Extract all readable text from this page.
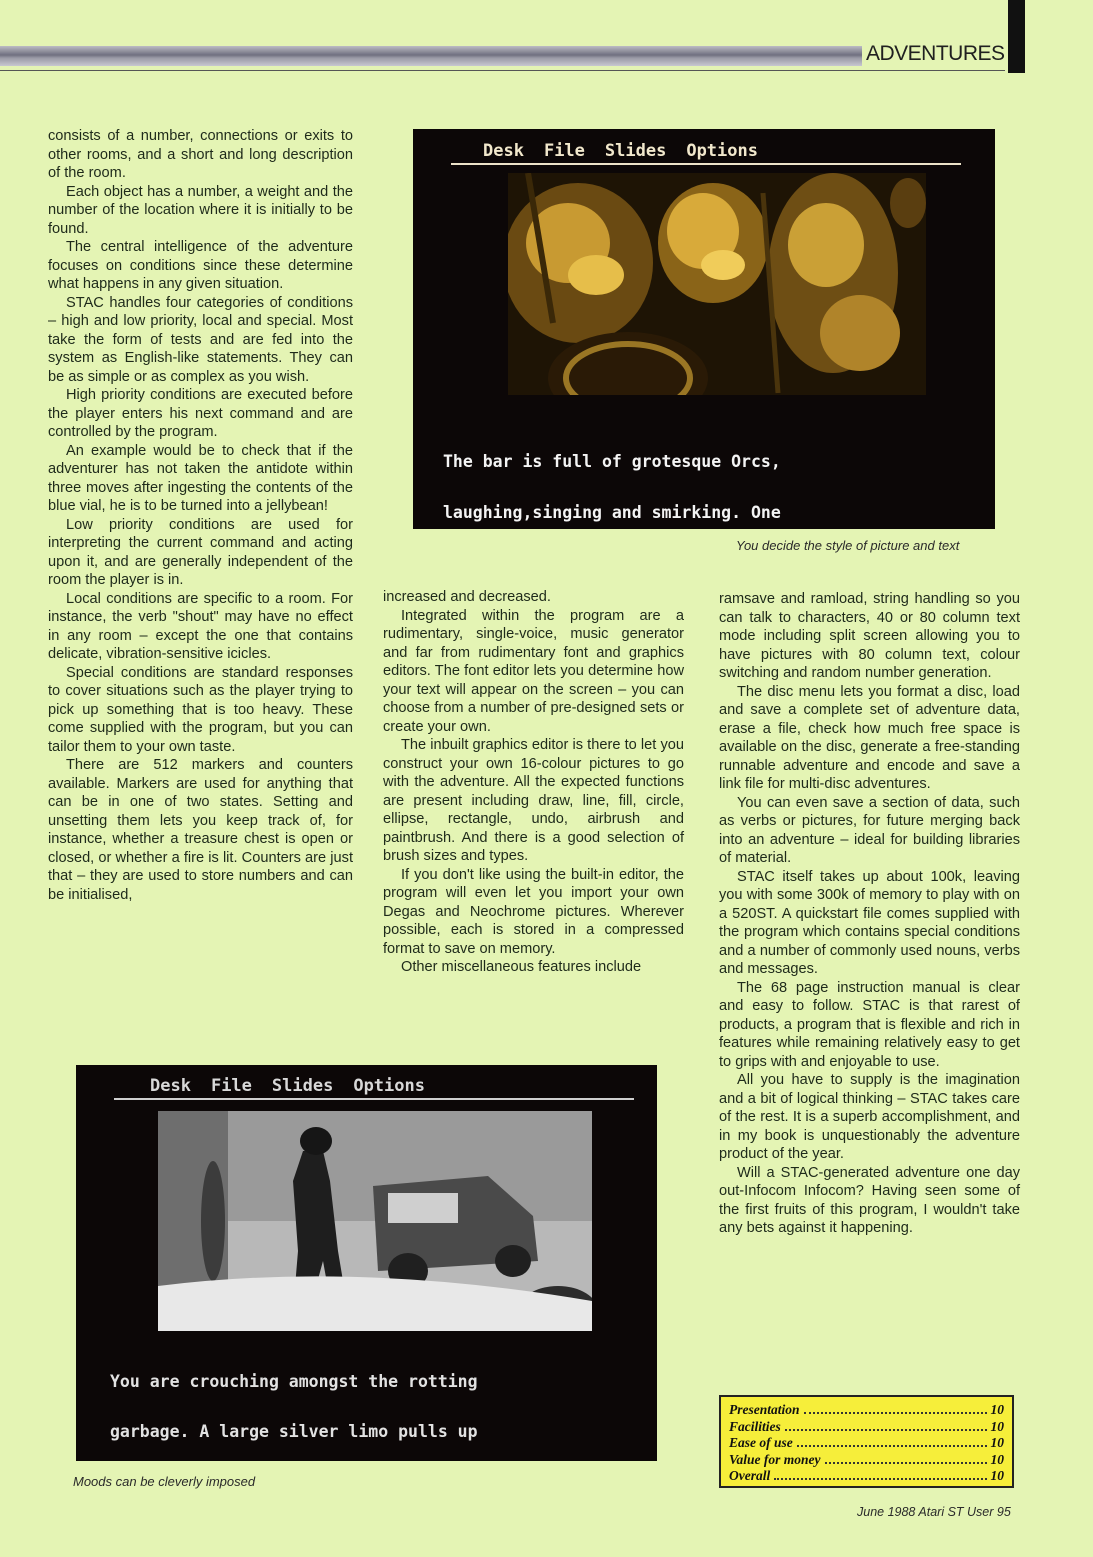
ADVENTURES

consists of a number, connections or exits to other rooms, and a short and long description of the room.

Each object has a number, a weight and the number of the location where it is initially to be found.

The central intelligence of the adventure focuses on conditions since these determine what happens in any given situation.

STAC handles four categories of conditions – high and low priority, local and special. Most take the form of tests and are fed into the system as English-like statements. They can be as simple or as complex as you wish.

High priority conditions are executed before the player enters his next command and are controlled by the program.

An example would be to check that if the adventurer has not taken the antidote within three moves after ingesting the contents of the blue vial, he is to be turned into a jellybean!

Low priority conditions are used for interpreting the current command and acting upon it, and are generally independent of the room the player is in.

Local conditions are specific to a room. For instance, the verb "shout" may have no effect in any room – except the one that contains delicate, vibration-sensitive icicles.

Special conditions are standard responses to cover situations such as the player trying to pick up something that is too heavy. These come supplied with the program, but you can tailor them to your own taste.

There are 512 markers and counters available. Markers are used for anything that can be in one of two states. Setting and unsetting them lets you keep track of, for instance, whether a treasure chest is open or closed, or whether a fire is lit. Counters are just that – they are used to store numbers and can be initialised,

increased and decreased.

Integrated within the program are a rudimentary, single-voice, music generator and far from rudimentary font and graphics editors. The font editor lets you determine how your text will appear on the screen – you can choose from a number of pre-designed sets or create your own.

The inbuilt graphics editor is there to let you construct your own 16-colour pictures to go with the adventure. All the expected functions are present including draw, line, fill, circle, ellipse, rectangle, undo, airbrush and paintbrush. And there is a good selection of brush sizes and types.

If you don't like using the built-in editor, the program will even let you import your own Degas and Neochrome pictures. Wherever possible, each is stored in a compressed format to save on memory.

Other miscellaneous features include

ramsave and ramload, string handling so you can talk to characters, 40 or 80 column text mode including split screen allowing you to have pictures with 80 column text, colour switching and random number generation.

The disc menu lets you format a disc, load and save a complete set of adventure data, erase a file, check how much free space is available on the disc, generate a free-standing runnable adventure and encode and save a link file for multi-disc adventures.

You can even save a section of data, such as verbs or pictures, for future merging back into an adventure – ideal for building libraries of material.

STAC itself takes up about 100k, leaving you with some 300k of memory to play with on a 520ST. A quickstart file comes supplied with the program which contains special conditions and a number of commonly used nouns, verbs and messages.

The 68 page instruction manual is clear and easy to follow. STAC is that rarest of products, a program that is flexible and rich in features while remaining relatively easy to get to grips with and enjoyable to use.

All you have to supply is the imagination and a bit of logical thinking – STAC takes care of the rest. It is a superb accomplishment, and in my book is unquestionably the adventure product of the year.

Will a STAC-generated adventure one day out-Infocom Infocom? Having seen some of the first fruits of this program, I wouldn't take any bets against it happening.

Desk File Slides Options

The bar is full of grotesque Orcs,

laughing,singing and smirking. One

You decide the style of picture and text
Desk File Slides Options

You are crouching amongst the rotting

garbage. A large silver limo pulls up

Moods can be cleverly imposed
Presentation	10
Facilities	10
Ease of use	10
Value for money	10
Overall	10
June 1988 Atari ST User 95
